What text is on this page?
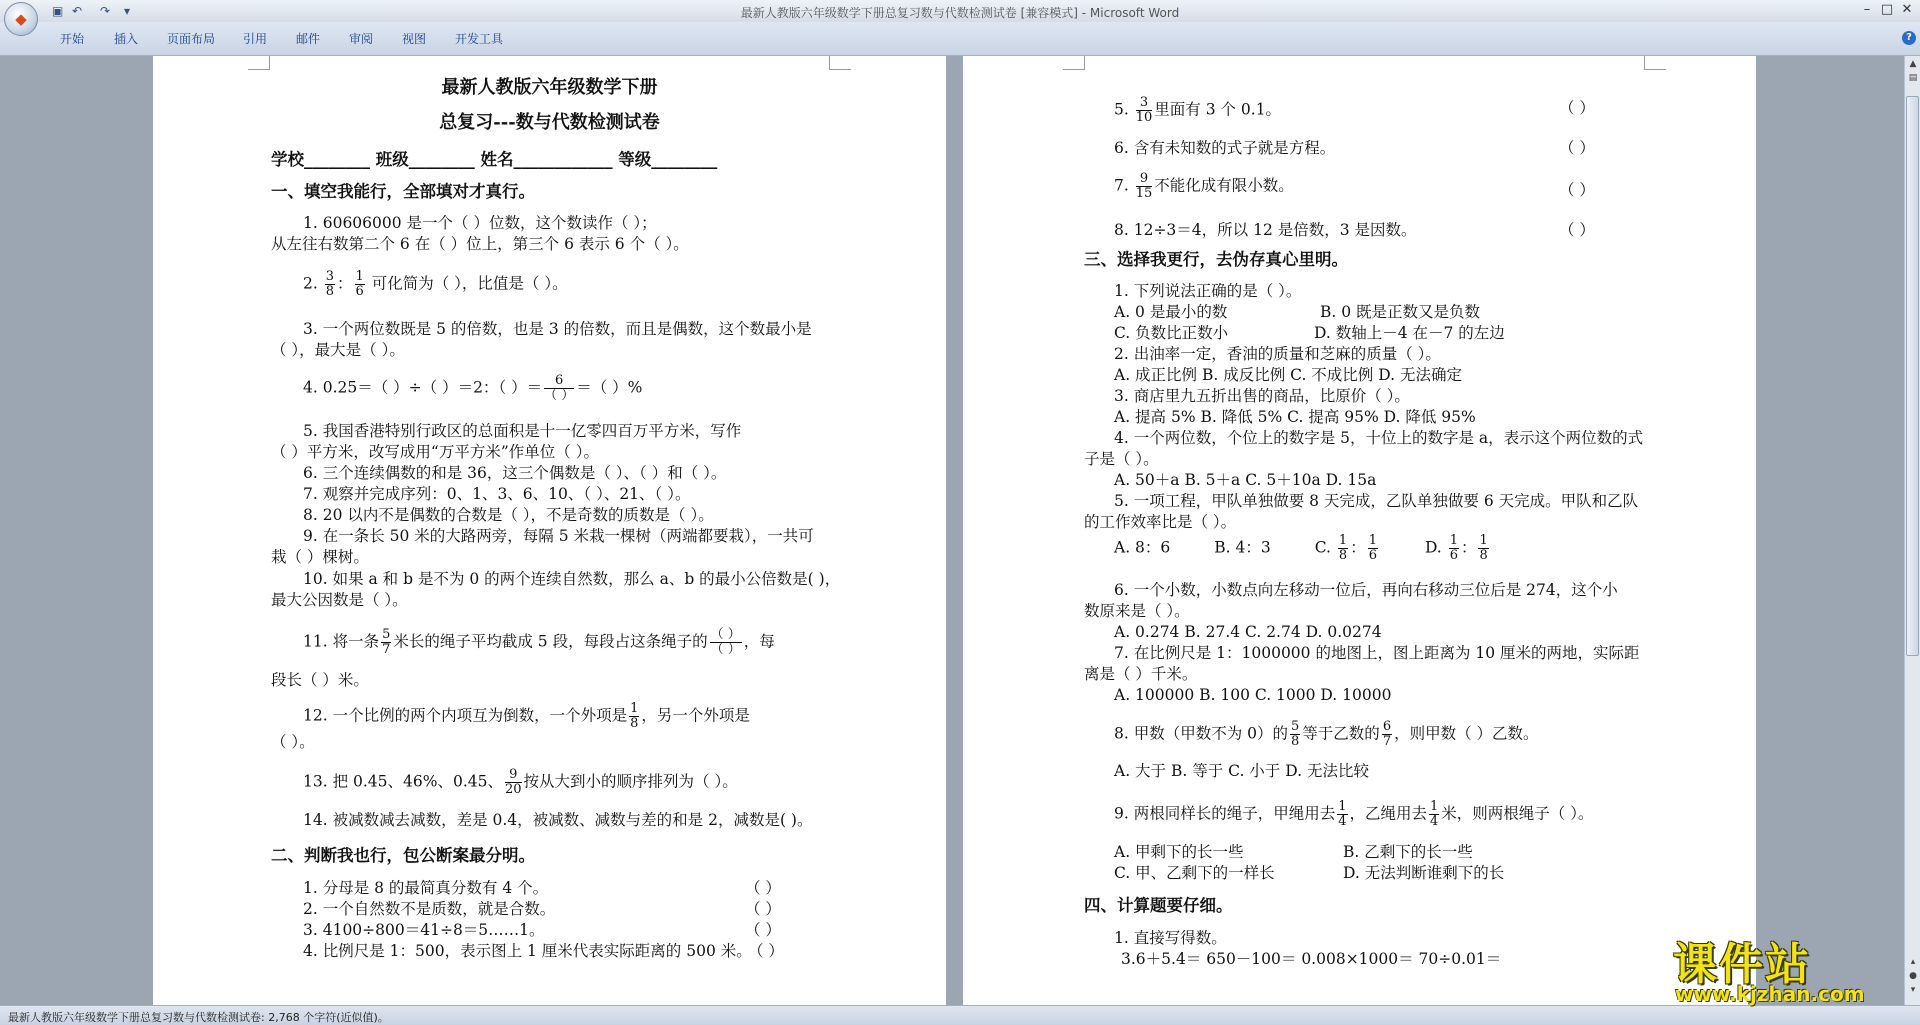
最新人教版六年级数学下册总复习数与代数检测试卷 [兼容模式] - Microsoft Word
▣ ↶ ↷ ▾	– □ ✕
◆
开始 插入 页面布局 引用 邮件 审阅 视图 开发工具	?
最新人教版六年级数学下册
总复习---数与代数检测试卷
学校________ 班级________ 姓名____________ 等级________
一、填空我能行，全部填对才真行。
1. 60606000 是一个（ ）位数，这个数读作（ ）；
从左往右数第二个 6 在（ ）位上，第三个 6 表示 6 个（ ）。
2. $\frac{3}{8}$ ： $\frac{1}{6}$ 可化简为（ ），比值是（ ）。
3. 一个两位数既是 5 的倍数，也是 3 的倍数，而且是偶数，这个数最小是
（ ），最大是（ ）。
4. 0.25＝（ ）÷（ ）＝2：（ ）＝ $\frac{6}{( )}$ ＝（ ）%
5. 我国香港特别行政区的总面积是十一亿零四百万平方米，写作
（ ）平方米，改写成用“万平方米”作单位（ ）。
6. 三个连续偶数的和是 36，这三个偶数是（ ）、（ ）和（ ）。
7. 观察并完成序列：0、1、3、6、10、（ ）、21、（ ）。
8. 20 以内不是偶数的合数是（ ），不是奇数的质数是（ ）。
9. 在一条长 50 米的大路两旁，每隔 5 米栽一棵树（两端都要栽），一共可
栽（ ）棵树。
10. 如果 a 和 b 是不为 0 的两个连续自然数，那么 a、b 的最小公倍数是( )，
最大公因数是（ ）。
11. 将一条 $\frac{5}{7}$ 米长的绳子平均截成 5 段，每段占这条绳子的 $\frac{( )}{( )}$ ，每
段长（ ）米。
12. 一个比例的两个内项互为倒数，一个外项是 $\frac{1}{8}$ ，另一个外项是
（ ）。
13. 把 0.45、46%、0.45、 $\frac{9}{20}$ 按从大到小的顺序排列为（ ）。
14. 被减数减去减数，差是 0.4，被减数、减数与差的和是 2，减数是( )。
二、判断我也行，包公断案最分明。
1. 分母是 8 的最简真分数有 4 个。	（ ）
2. 一个自然数不是质数，就是合数。	（ ）
3. 4100÷800＝41÷8＝5……1。	（ ）
4. 比例尺是 1：500，表示图上 1 厘米代表实际距离的 500 米。
（ ）
5. $\frac{3}{10}$ 里面有 3 个 0.1。	（ ）
6. 含有未知数的式子就是方程。	（ ）
7. $\frac{9}{15}$ 不能化成有限小数。	（ ）
8. 12÷3＝4，所以 12 是倍数，3 是因数。	（ ）
三、选择我更行，去伪存真心里明。
1. 下列说法正确的是（ ）。
A. 0 是最小的数	B. 0 既是正数又是负数
C. 负数比正数小	D. 数轴上－4 在－7 的左边
2. 出油率一定，香油的质量和芝麻的质量（ ）。
A. 成正比例 B. 成反比例 C. 不成比例 D. 无法确定
3. 商店里九五折出售的商品，比原价（ ）。
A. 提高 5% B. 降低 5% C. 提高 95% D. 降低 95%
4. 一个两位数，个位上的数字是 5，十位上的数字是 a，表示这个两位数的式
子是（ ）。
A. 50＋a B. 5＋a C. 5＋10a D. 15a
5. 一项工程，甲队单独做要 8 天完成，乙队单独做要 6 天完成。甲队和乙队
的工作效率比是（ ）。
A. 8：6	B. 4：3	C. $\frac{1}{8}$ ： $\frac{1}{6}$	D. $\frac{1}{6}$ ： $\frac{1}{8}$
6. 一个小数，小数点向左移动一位后，再向右移动三位后是 274，这个小
数原来是（ ）。
A. 0.274 B. 27.4 C. 2.74 D. 0.0274
7. 在比例尺是 1：1000000 的地图上，图上距离为 10 厘米的两地，实际距
离是（ ）千米。
A. 100000 B. 100 C. 1000 D. 10000
8. 甲数（甲数不为 0）的 $\frac{5}{8}$ 等于乙数的 $\frac{6}{7}$ ，则甲数（ ）乙数。
A. 大于 B. 等于 C. 小于 D. 无法比较
9. 两根同样长的绳子，甲绳用去 $\frac{1}{4}$ ，乙绳用去 $\frac{1}{4}$ 米，则两根绳子（ ）。
A. 甲剩下的长一些	B. 乙剩下的长一些
C. 甲、乙剩下的一样长	D. 无法判断谁剩下的长
四、计算题要仔细。
1. 直接写得数。
3.6＋5.4＝ 650－100＝ 0.008×1000＝ 70÷0.01＝
▲
▤
▴
●
▾
最新人教版六年级数学下册总复习数与代数检测试卷: 2,768 个字符(近似值)。
课件站
www.kjzhan.com
